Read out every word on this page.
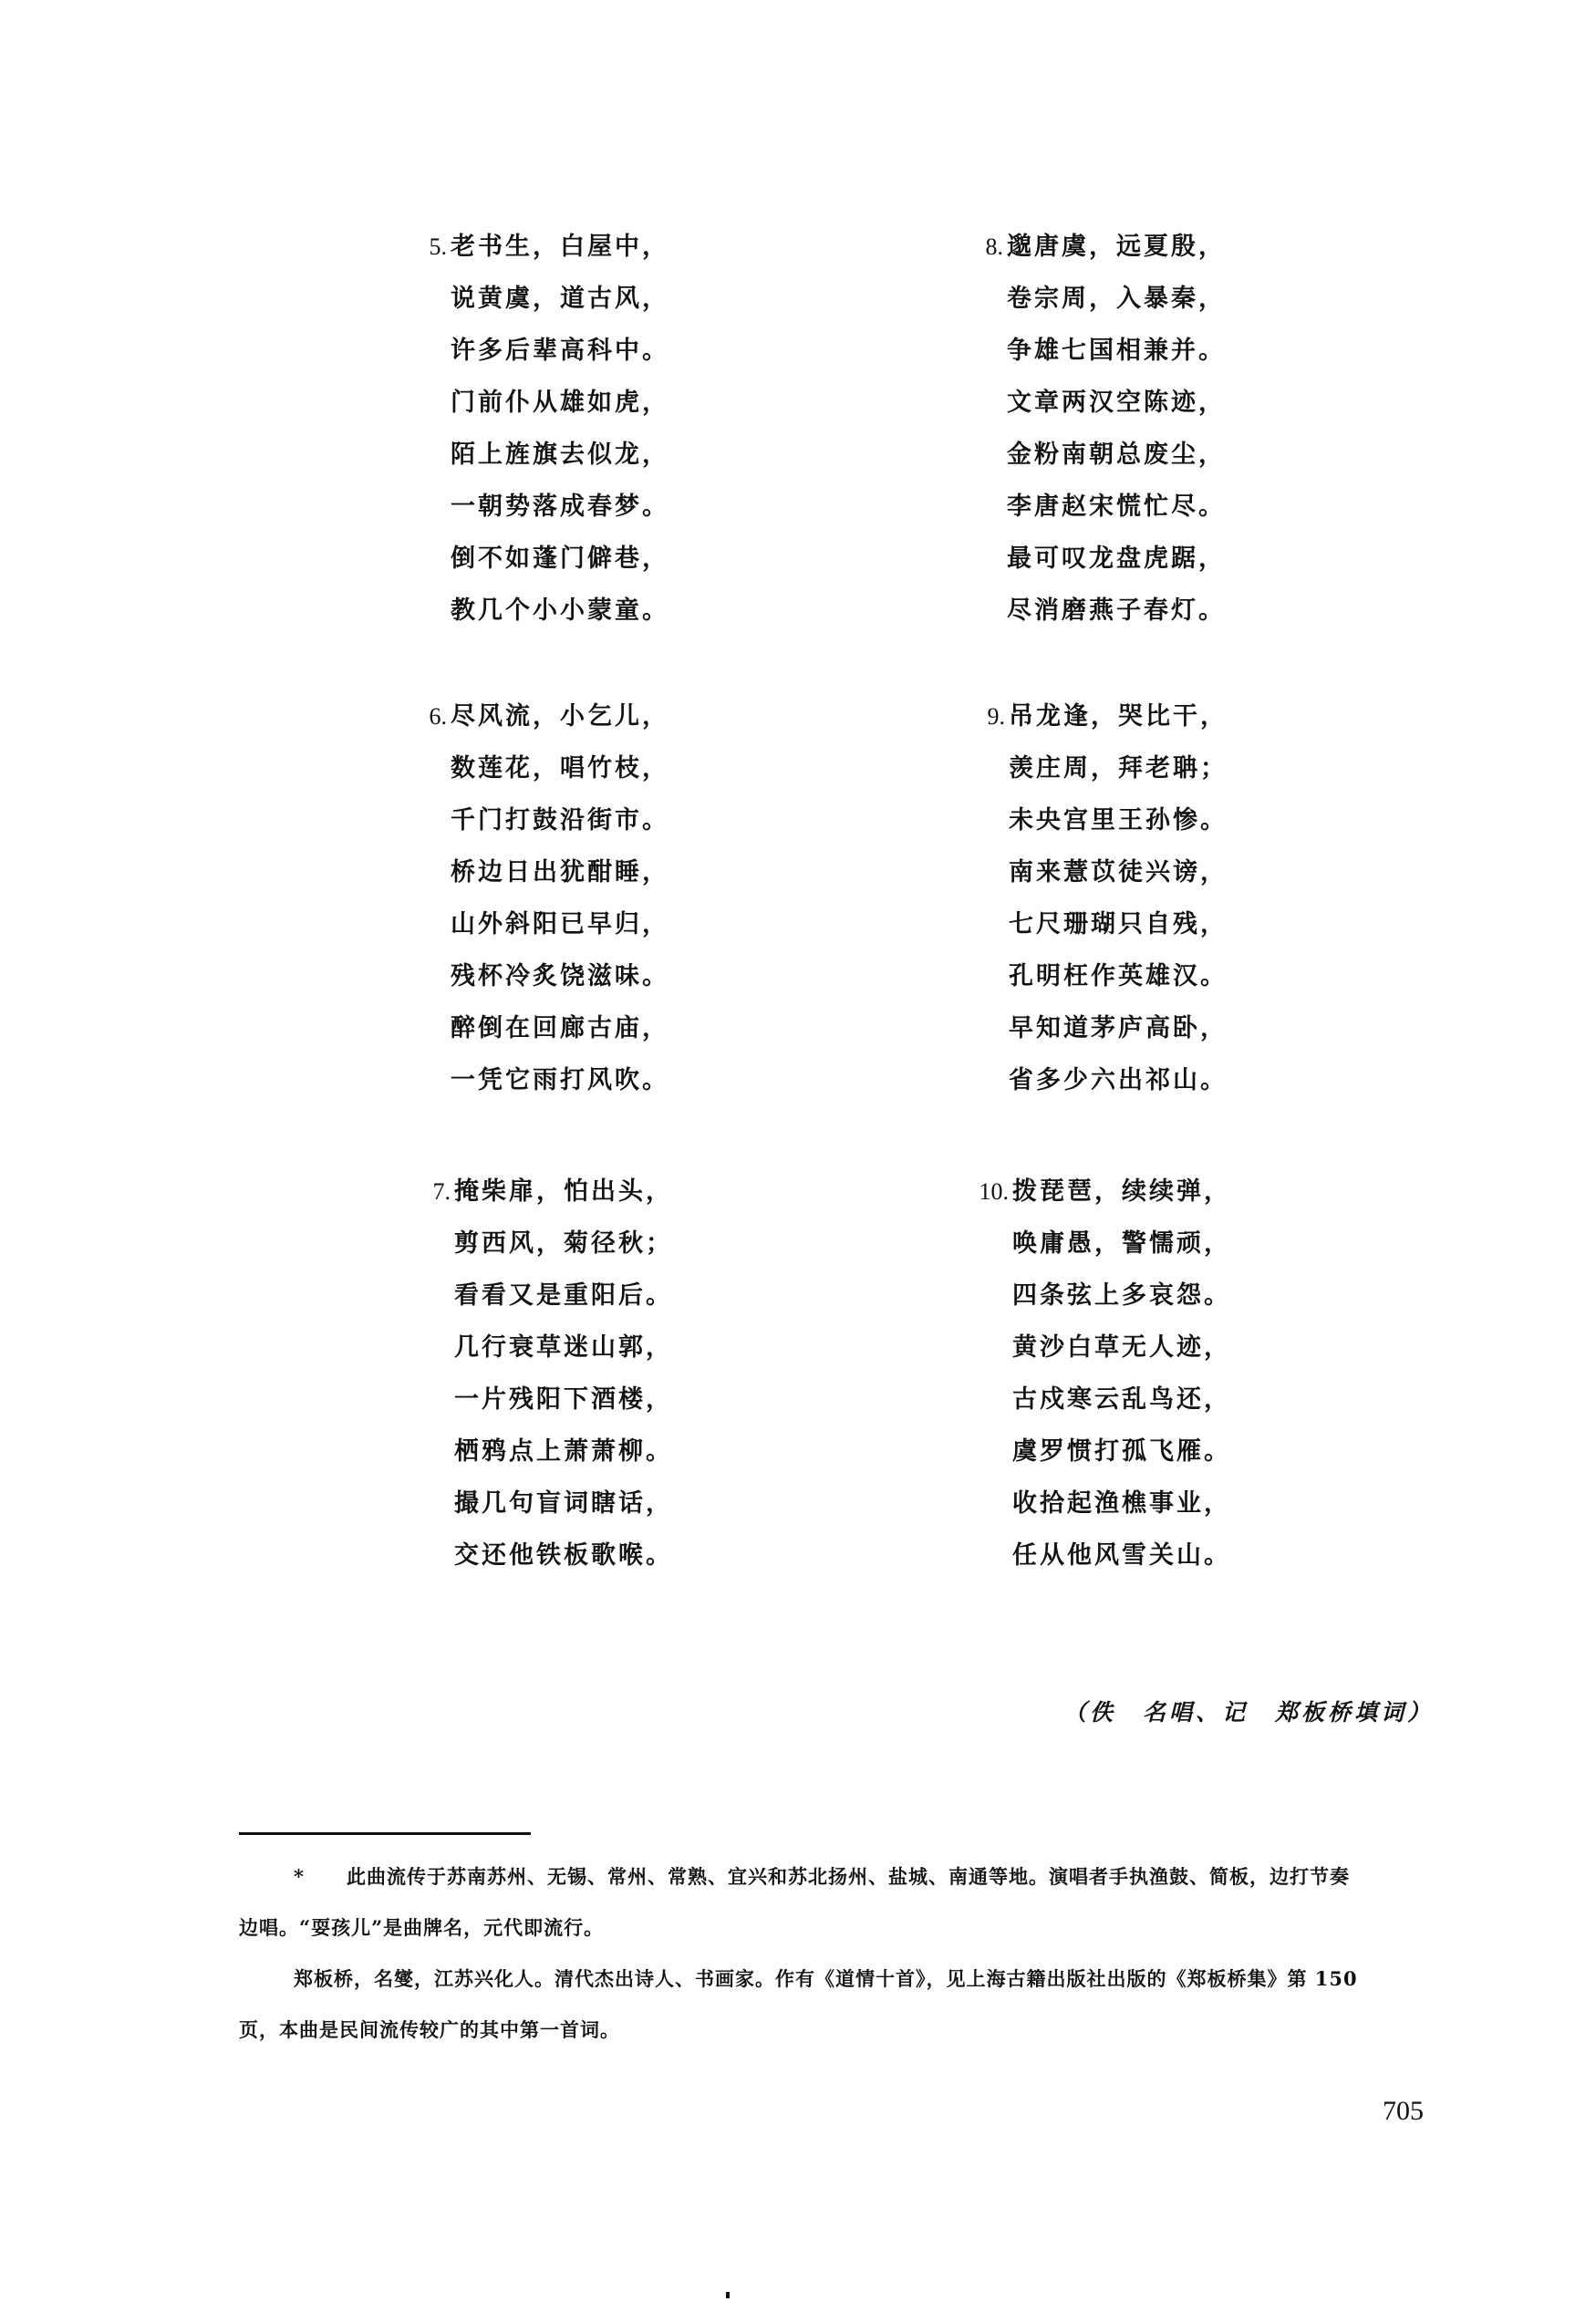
5. 老书生，白屋中，
说黄虞，道古风，
许多后辈高科中。
门前仆从雄如虎，
陌上旌旗去似龙，
一朝势落成春梦。
倒不如蓬门僻巷，
教几个小小蒙童。
6. 尽风流，小乞儿，
数莲花，唱竹枝，
千门打鼓沿街市。
桥边日出犹酣睡，
山外斜阳已早归，
残杯冷炙饶滋味。
醉倒在回廊古庙，
一凭它雨打风吹。
7. 掩柴扉，怕出头，
剪西风，菊径秋；
看看又是重阳后。
几行衰草迷山郭，
一片残阳下酒楼，
栖鸦点上萧萧柳。
撮几句盲词瞎话，
交还他铁板歌喉。
8. 邈唐虞，远夏殷，
卷宗周，入暴秦，
争雄七国相兼并。
文章两汉空陈迹，
金粉南朝总废尘，
李唐赵宋慌忙尽。
最可叹龙盘虎踞，
尽消磨燕子春灯。
9. 吊龙逢，哭比干，
羡庄周，拜老聃；
未央宫里王孙惨。
南来薏苡徒兴谤，
七尺珊瑚只自残，
孔明枉作英雄汉。
早知道茅庐高卧，
省多少六出祁山。
10. 拨琵琶，续续弹，
唤庸愚，警懦顽，
四条弦上多哀怨。
黄沙白草无人迹，
古戍寒云乱鸟还，
虞罗惯打孤飞雁。
收拾起渔樵事业，
任从他风雪关山。
（佚　名唱、记　郑板桥填词）
* 此曲流传于苏南苏州、无锡、常州、常熟、宜兴和苏北扬州、盐城、南通等地。演唱者手执渔鼓、简板，边打节奏
边唱。“耍孩儿”是曲牌名，元代即流行。
郑板桥，名燮，江苏兴化人。清代杰出诗人、书画家。作有《道情十首》，见上海古籍出版社出版的《郑板桥集》第 150
页，本曲是民间流传较广的其中第一首词。
705
